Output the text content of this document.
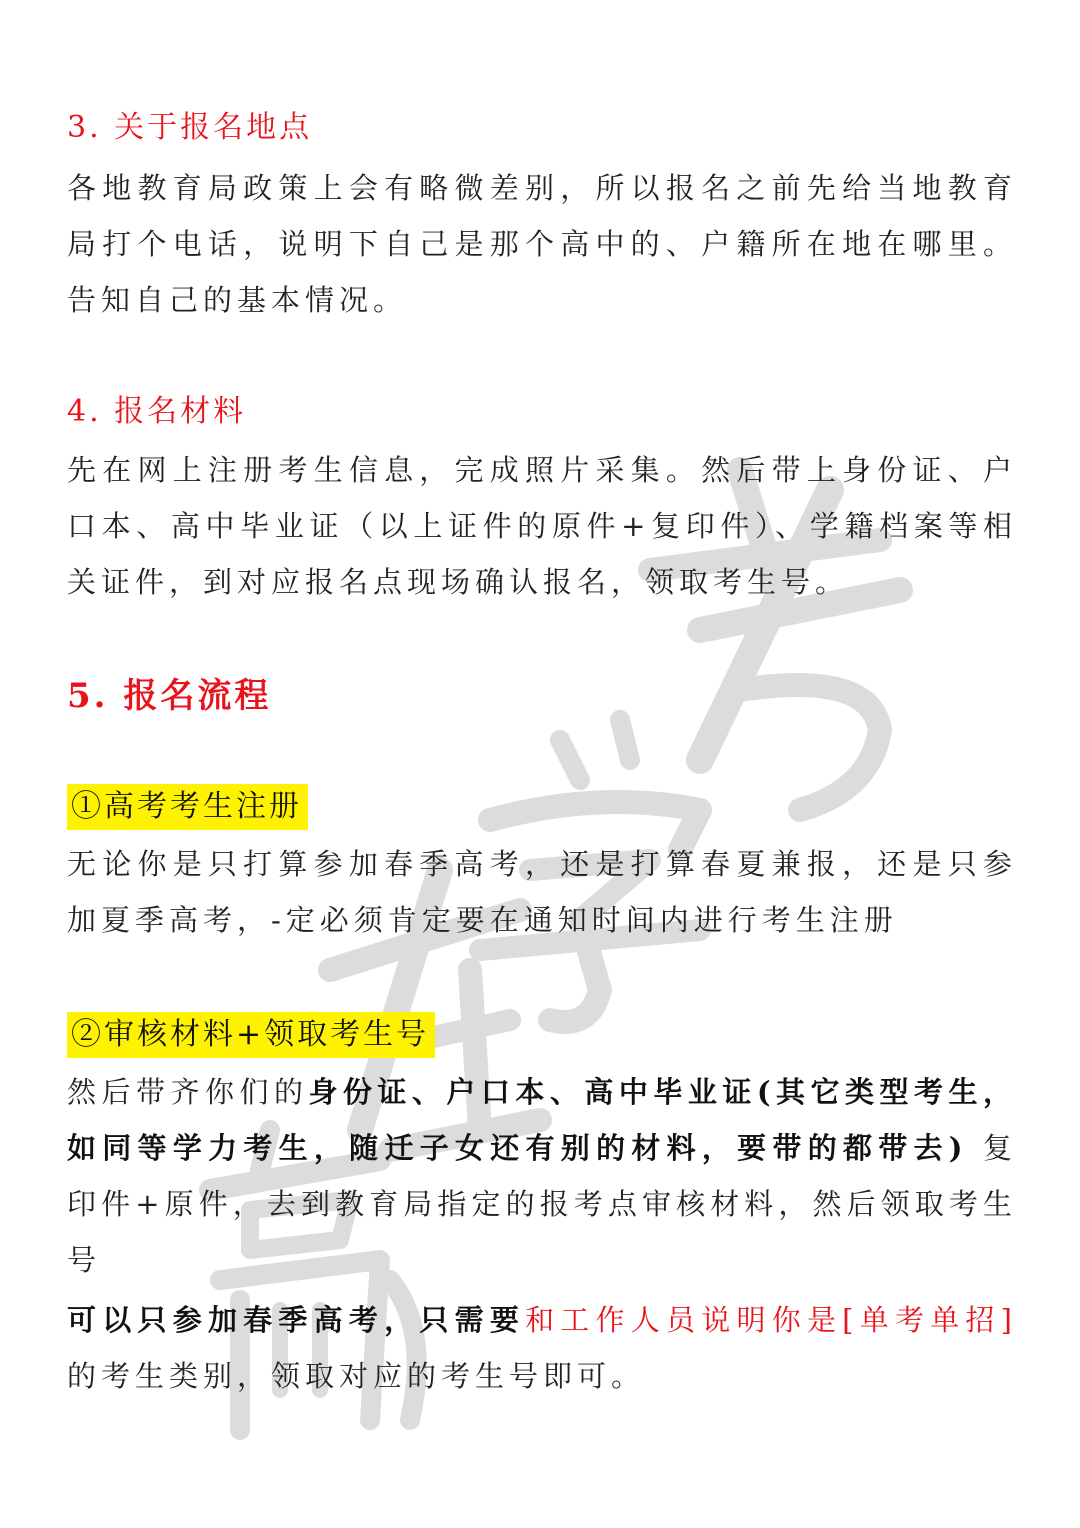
3. 关于报名地点
各地教育局政策上会有略微差别，所以报名之前先给当地教育局打个电话，说明下自己是那个高中的、户籍所在地在哪里。告知自己的基本情况。
4. 报名材料
先在网上注册考生信息，完成照片采集。然后带上身份证、户口本、高中毕业证（以上证件的原件+复印件）、学籍档案等相关证件，到对应报名点现场确认报名，领取考生号。
5. 报名流程
①高考考生注册
无论你是只打算参加春季高考，还是打算春夏兼报，还是只参加夏季高考，-定必须肯定要在通知时间内进行考生注册
②审核材料+领取考生号
然后带齐你们的身份证、户口本、高中毕业证(其它类型考生，如同等学力考生，随迁子女还有别的材料，要带的都带去) 复印件+原件，去到教育局指定的报考点审核材料，然后领取考生号
可以只参加春季高考，只需要和工作人员说明你是[单考单招] 的考生类别，领取对应的考生号即可。
